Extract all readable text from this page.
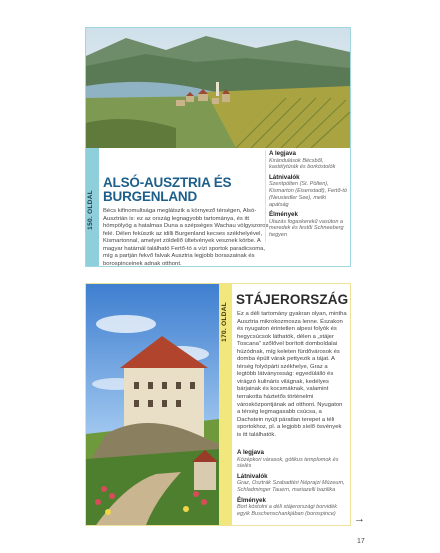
150. OLDAL
ALSÓ-AUSZTRIA ÉS BURGENLAND
Bécs kifinomultsága meglátszik a környező térségen, Alsó-Ausztrián is: ez az ország legnagyobb tartománya, és itt hömpölyög a hatalmas Duna a szépséges Wachau völgyszoros felé. Délen feküszik az idilli Burgenland kecses székhelyével, Kismartonnal, amelyet zöldellő ültetvények vesznek körbe. A magyar határnál található Fertő-tó a vízi sportok paradicsoma, míg a partján fekvő falvak Ausztria legjobb boraszainak és borospinceinek adnak otthont.
A legjava
Kirándulások Bécsből, kastélytúrák és borkóstolók
Látnivalók
Szentpölten (St. Pölten), Kismarton (Eisenstadt), Fertő-tó (Neusiedler See), melki apátság
Élmények
Utazás fogaskerekű vasúton a meredek és festői Schneeberg hegyen
170. OLDAL
STÁJERORSZÁG
Ez a déli tartomány gyakran olyan, mintha Ausztria mikrokozmosza lenne. Északon és nyugaton érintetlen alpesi folyók és hegycsúcsok láthatók, délen a „stájer Toscana” szőlővel borított domboldalai húzódnak, míg keleten fürdővárosok és domba épült várak pettyezik a tájat. A térség folyópárti székhelye, Graz a legtöbb látványosság: egyedülálló és virágzó kulináris világnak, kedélyes bárjainak és kocsmáknak, valamint terrakotta háztetős történelmi városközpontjának ad otthont. Nyugaton a térség legmagasabb csúcsa, a Dachstein nyújt páratlan terepet a téli sportokhoz, pl. a legjobb síelő ösvények is itt találhatók.
A legjava
Középkori várasok, gótikus templomok és síelés
Látnivalók
Graz, Osztrák Szabadtéri Néprajzi Múzeum, Schladminger Tauern, mariazelli bazilika
Élmények
Bort kóstolni a déli stájerországi borvidék egyik Buschenschankjában (borospince)	→
17
